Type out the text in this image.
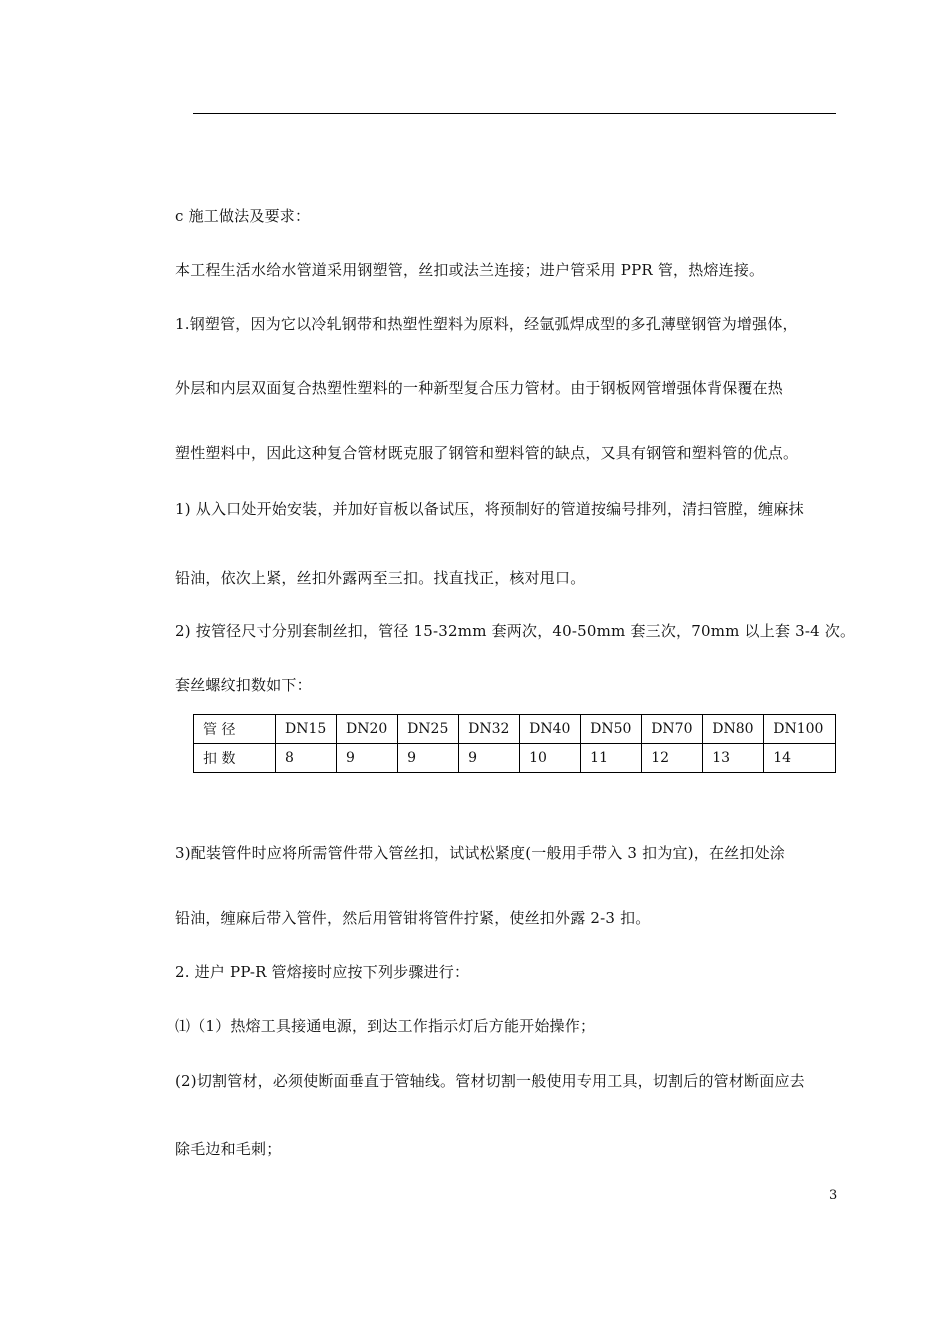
c 施工做法及要求：
本工程生活水给水管道采用钢塑管，丝扣或法兰连接；进户管采用 PPR 管，热熔连接。
1.钢塑管，因为它以冷轧钢带和热塑性塑料为原料，经氩弧焊成型的多孔薄壁钢管为增强体，
外层和内层双面复合热塑性塑料的一种新型复合压力管材。由于钢板网管增强体背保覆在热
塑性塑料中，因此这种复合管材既克服了钢管和塑料管的缺点，又具有钢管和塑料管的优点。
1) 从入口处开始安装，并加好盲板以备试压，将预制好的管道按编号排列，清扫管膛，缠麻抹
铅油，依次上紧，丝扣外露两至三扣。找直找正，核对甩口。
2) 按管径尺寸分别套制丝扣，管径 15-32mm 套两次，40-50mm 套三次，70mm 以上套 3-4 次。
套丝螺纹扣数如下：
管 径	DN15	DN20	DN25	DN32	DN40	DN50	DN70	DN80	DN100
扣 数	8	9	9	9	10	11	12	13	14
3)配装管件时应将所需管件带入管丝扣，试试松紧度(一般用手带入 3 扣为宜)，在丝扣处涂
铅油，缠麻后带入管件，然后用管钳将管件拧紧，使丝扣外露 2-3 扣。
2. 进户 PP-R 管熔接时应按下列步骤进行：
⑴（1）热熔工具接通电源，到达工作指示灯后方能开始操作；
(2)切割管材，必须使断面垂直于管轴线。管材切割一般使用专用工具，切割后的管材断面应去
除毛边和毛刺；
3
